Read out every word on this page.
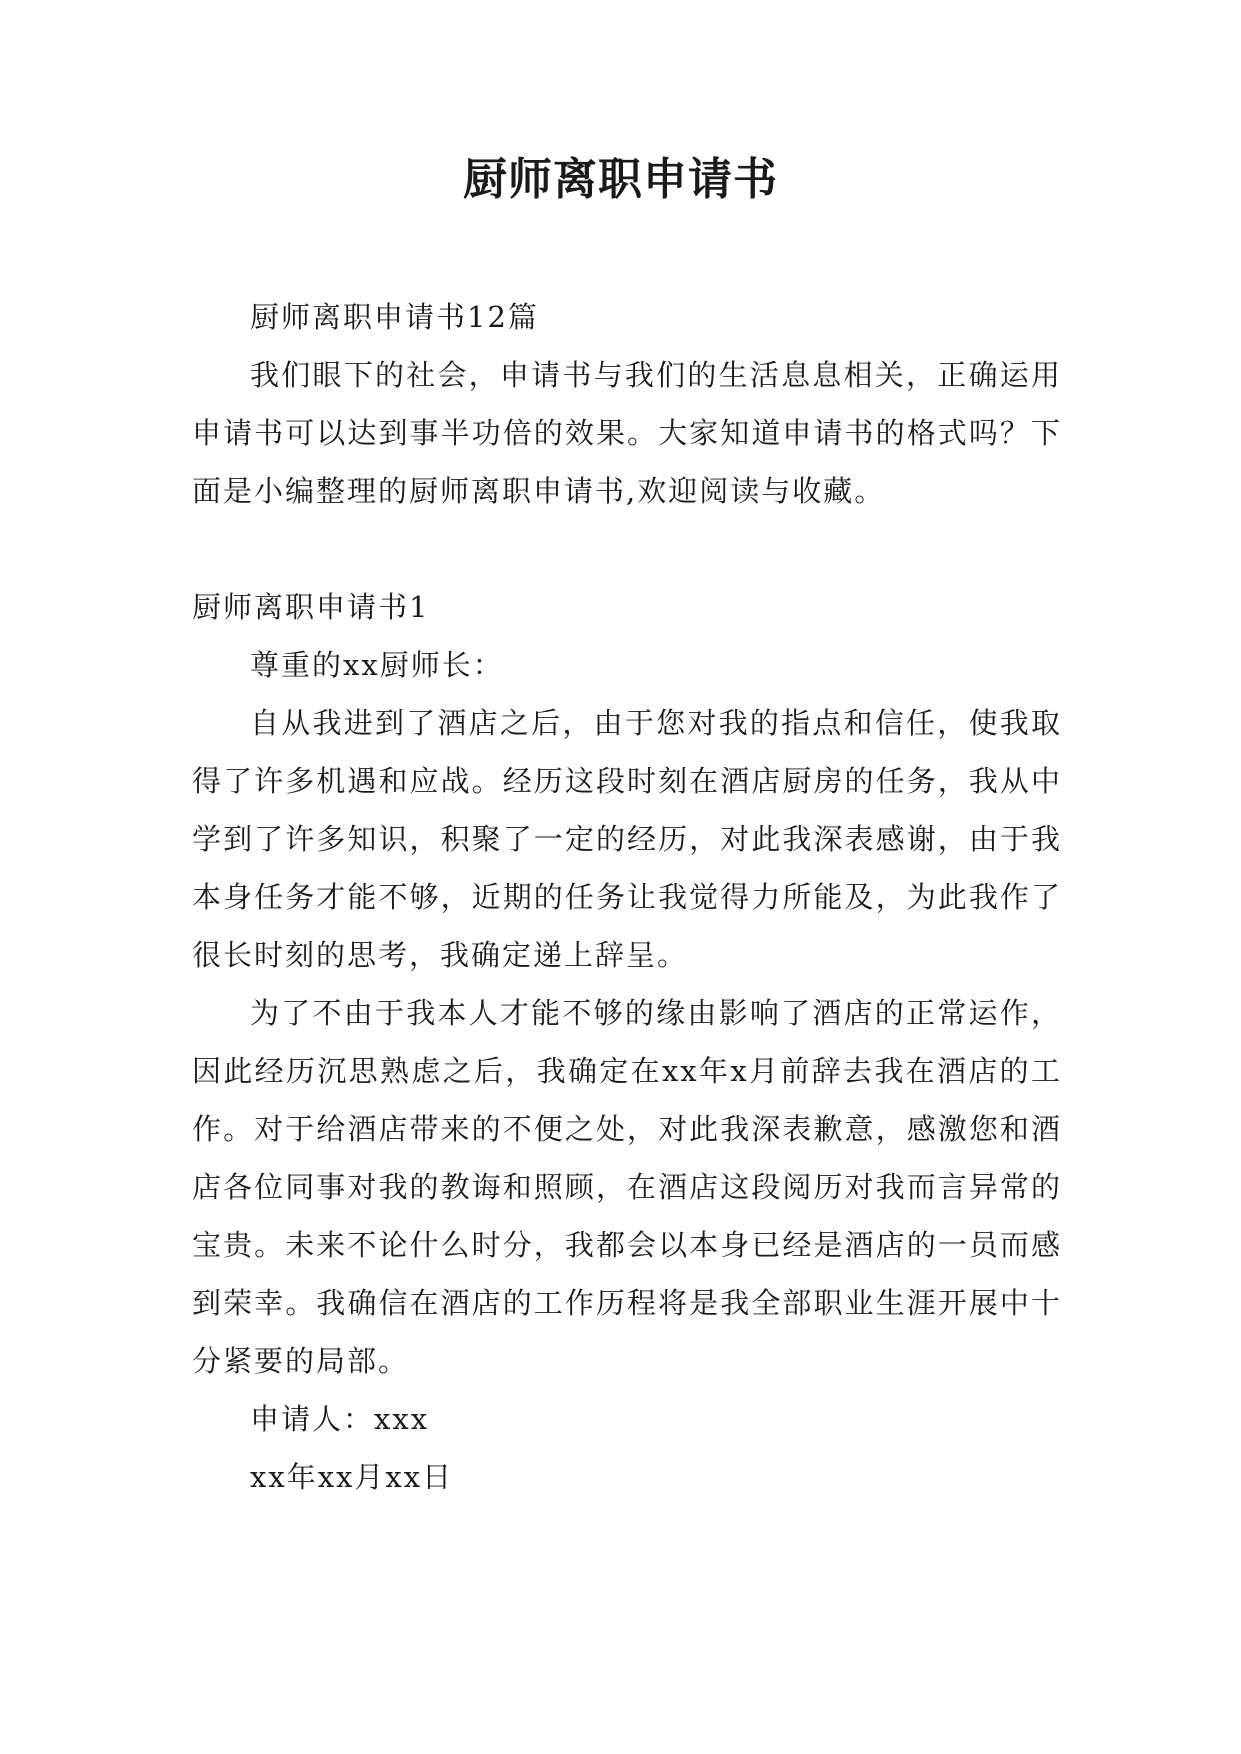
厨师离职申请书

厨师离职申请书12篇

我们眼下的社会，申请书与我们的生活息息相关，正确运用申请书可以达到事半功倍的效果。大家知道申请书的格式吗？下面是小编整理的厨师离职申请书,欢迎阅读与收藏。

厨师离职申请书1

尊重的xx厨师长：

自从我进到了酒店之后，由于您对我的指点和信任，使我取得了许多机遇和应战。经历这段时刻在酒店厨房的任务，我从中学到了许多知识，积聚了一定的经历，对此我深表感谢，由于我本身任务才能不够，近期的任务让我觉得力所能及，为此我作了很长时刻的思考，我确定递上辞呈。

为了不由于我本人才能不够的缘由影响了酒店的正常运作，因此经历沉思熟虑之后，我确定在xx年x月前辞去我在酒店的工作。对于给酒店带来的不便之处，对此我深表歉意，感激您和酒店各位同事对我的教诲和照顾，在酒店这段阅历对我而言异常的宝贵。未来不论什么时分，我都会以本身已经是酒店的一员而感到荣幸。我确信在酒店的工作历程将是我全部职业生涯开展中十分紧要的局部。

申请人：xxx

xx年xx月xx日
